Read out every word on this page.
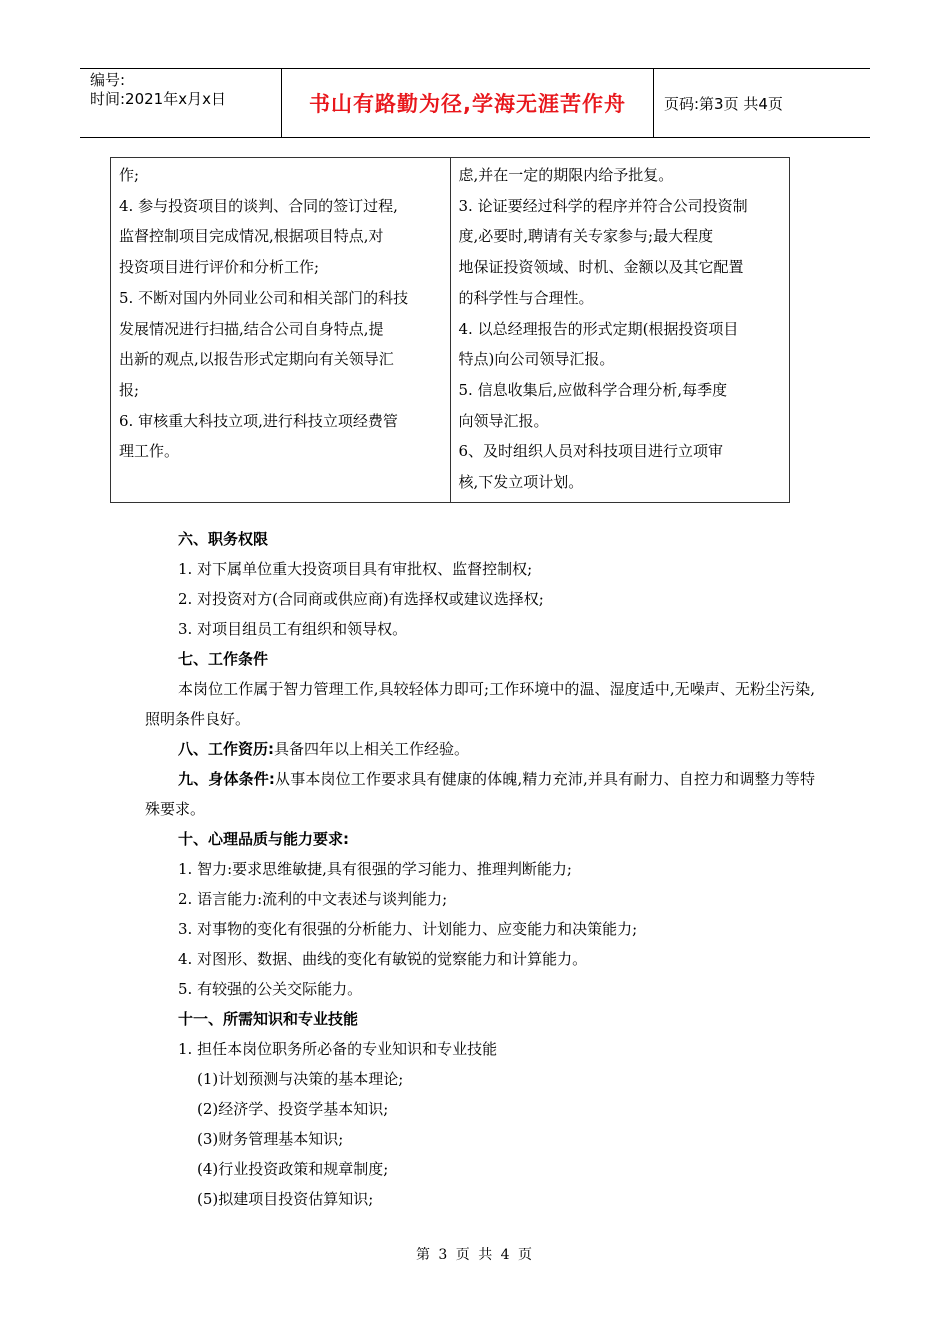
编号:
时间:2021年x月x日	书山有路勤为径,学海无涯苦作舟	页码:第3页 共4页
作;
4. 参与投资项目的谈判、合同的签订过程,
监督控制项目完成情况,根据项目特点,对
投资项目进行评价和分析工作;
5. 不断对国内外同业公司和相关部门的科技
发展情况进行扫描,结合公司自身特点,提
出新的观点,以报告形式定期向有关领导汇
报;
6. 审核重大科技立项,进行科技立项经费管
理工作。

虑,并在一定的期限内给予批复。
3. 论证要经过科学的程序并符合公司投资制
度,必要时,聘请有关专家参与;最大程度
地保证投资领域、时机、金额以及其它配置
的科学性与合理性。
4. 以总经理报告的形式定期(根据投资项目
特点)向公司领导汇报。
5. 信息收集后,应做科学合理分析,每季度
向领导汇报。
6、及时组织人员对科技项目进行立项审
核,下发立项计划。

六、职务权限

1. 对下属单位重大投资项目具有审批权、监督控制权;

2. 对投资对方(合同商或供应商)有选择权或建议选择权;

3. 对项目组员工有组织和领导权。

七、工作条件

本岗位工作属于智力管理工作,具较轻体力即可;工作环境中的温、湿度适中,无噪声、无粉尘污染,照明条件良好。

八、工作资历:具备四年以上相关工作经验。

九、身体条件:从事本岗位工作要求具有健康的体魄,精力充沛,并具有耐力、自控力和调整力等特殊要求。

十、心理品质与能力要求:

1. 智力:要求思维敏捷,具有很强的学习能力、推理判断能力;

2. 语言能力:流利的中文表述与谈判能力;

3. 对事物的变化有很强的分析能力、计划能力、应变能力和决策能力;

4. 对图形、数据、曲线的变化有敏锐的觉察能力和计算能力。

5. 有较强的公关交际能力。

十一、所需知识和专业技能

1. 担任本岗位职务所必备的专业知识和专业技能

(1)计划预测与决策的基本理论;

(2)经济学、投资学基本知识;

(3)财务管理基本知识;

(4)行业投资政策和规章制度;

(5)拟建项目投资估算知识;

第 3 页 共 4 页
